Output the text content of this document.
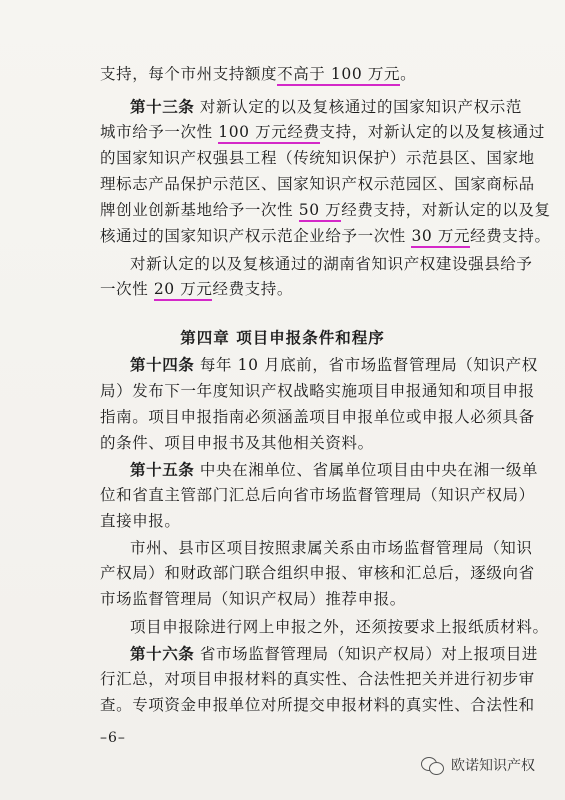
支持，每个市州支持额度不高于 100 万元。
第十三条 对新认定的以及复核通过的国家知识产权示范
城市给予一次性 100 万元经费支持，对新认定的以及复核通过
的国家知识产权强县工程（传统知识保护）示范县区、国家地
理标志产品保护示范区、国家知识产权示范园区、国家商标品
牌创业创新基地给予一次性 50 万经费支持，对新认定的以及复
核通过的国家知识产权示范企业给予一次性 30 万元经费支持。
对新认定的以及复核通过的湖南省知识产权建设强县给予
一次性 20 万元经费支持。
第十四条 每年 10 月底前，省市场监督管理局（知识产权
局）发布下一年度知识产权战略实施项目申报通知和项目申报
指南。项目申报指南必须涵盖项目申报单位或申报人必须具备
的条件、项目申报书及其他相关资料。
第十五条 中央在湘单位、省属单位项目由中央在湘一级单
位和省直主管部门汇总后向省市场监督管理局（知识产权局）
直接申报。
市州、县市区项目按照隶属关系由市场监督管理局（知识
产权局）和财政部门联合组织申报、审核和汇总后，逐级向省
市场监督管理局（知识产权局）推荐申报。
项目申报除进行网上申报之外，还须按要求上报纸质材料。
第十六条 省市场监督管理局（知识产权局）对上报项目进
行汇总，对项目申报材料的真实性、合法性把关并进行初步审
查。专项资金申报单位对所提交申报材料的真实性、合法性和
第四章 项目申报条件和程序
–6–
欧诺知识产权
